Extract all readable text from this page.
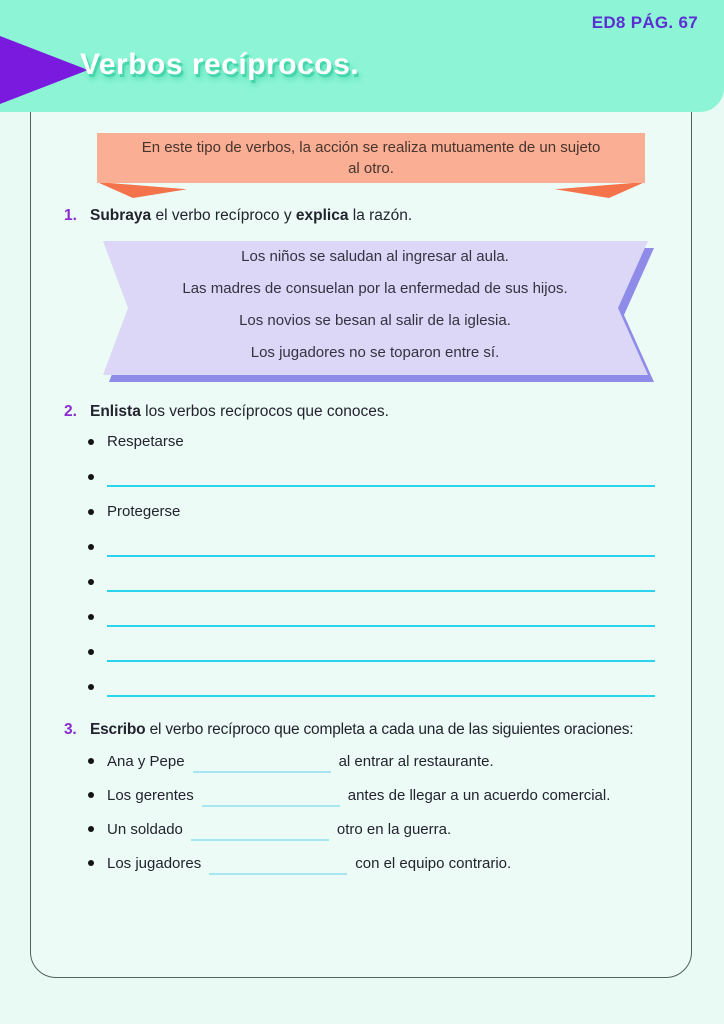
ED8 PÁG. 67
Verbos recíprocos.
En este tipo de verbos, la acción se realiza mutuamente de un sujeto al otro.
1. Subraya el verbo recíproco y explica la razón.
Los niños se saludan al ingresar al aula.
Las madres de consuelan por la enfermedad de sus hijos.
Los novios se besan al salir de la iglesia.
Los jugadores no se toparon entre sí.
2. Enlista los verbos recíprocos que conoces.
Respetarse
Protegerse
3. Escribo el verbo recíproco que completa a cada una de las siguientes oraciones:
Ana y Pepe	al entrar al restaurante.
Los gerentes	antes de llegar a un acuerdo comercial.
Un soldado	otro en la guerra.
Los jugadores	con el equipo contrario.
